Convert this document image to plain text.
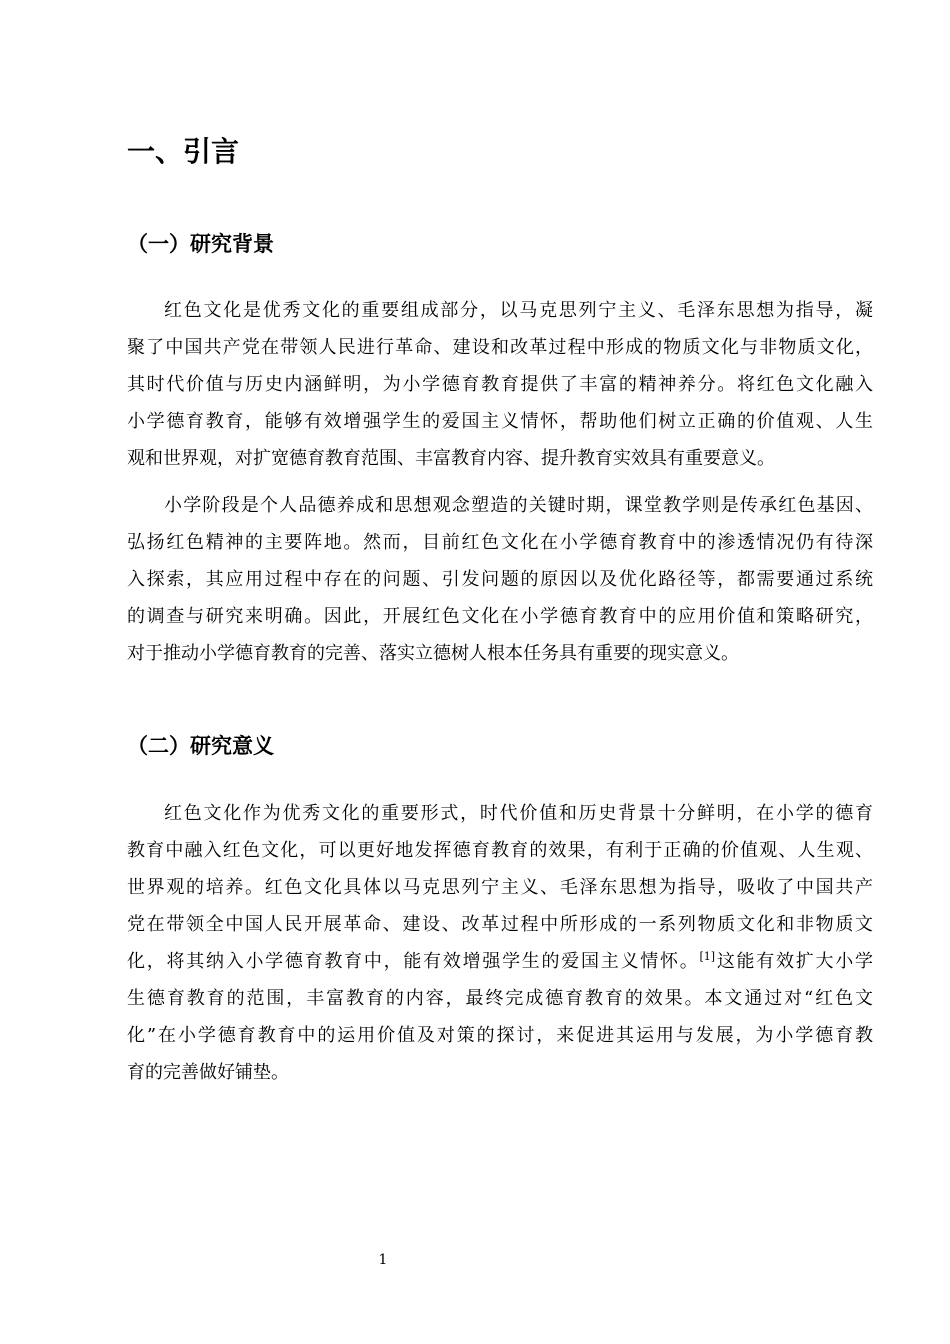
一、引言
（一）研究背景
红色文化是优秀文化的重要组成部分，以马克思列宁主义、毛泽东思想为指导，凝
聚了中国共产党在带领人民进行革命、建设和改革过程中形成的物质文化与非物质文化，
其时代价值与历史内涵鲜明，为小学德育教育提供了丰富的精神养分。将红色文化融入
小学德育教育，能够有效增强学生的爱国主义情怀，帮助他们树立正确的价值观、人生
观和世界观，对扩宽德育教育范围、丰富教育内容、提升教育实效具有重要意义。
小学阶段是个人品德养成和思想观念塑造的关键时期，课堂教学则是传承红色基因、
弘扬红色精神的主要阵地。然而，目前红色文化在小学德育教育中的渗透情况仍有待深
入探索，其应用过程中存在的问题、引发问题的原因以及优化路径等，都需要通过系统
的调查与研究来明确。因此，开展红色文化在小学德育教育中的应用价值和策略研究，
对于推动小学德育教育的完善、落实立德树人根本任务具有重要的现实意义。
（二）研究意义
红色文化作为优秀文化的重要形式，时代价值和历史背景十分鲜明，在小学的德育
教育中融入红色文化，可以更好地发挥德育教育的效果，有利于正确的价值观、人生观、
世界观的培养。红色文化具体以马克思列宁主义、毛泽东思想为指导，吸收了中国共产
党在带领全中国人民开展革命、建设、改革过程中所形成的一系列物质文化和非物质文
化，将其纳入小学德育教育中，能有效增强学生的爱国主义情怀。[1]这能有效扩大小学
生德育教育的范围，丰富教育的内容，最终完成德育教育的效果。本文通过对“红色文
化”在小学德育教育中的运用价值及对策的探讨，来促进其运用与发展，为小学德育教
育的完善做好铺垫。
1
